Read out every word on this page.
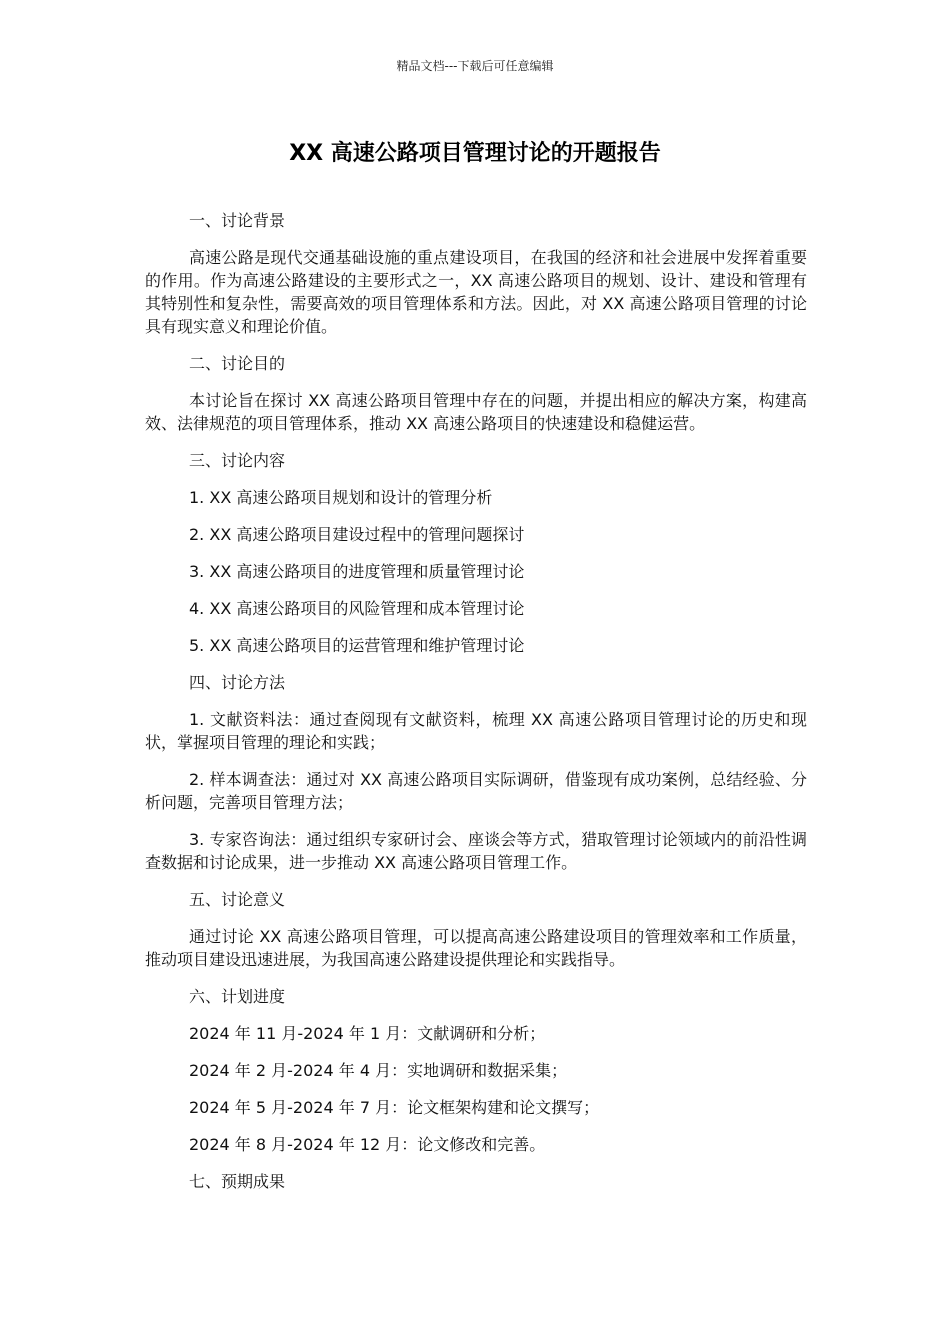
精品文档---下载后可任意编辑
XX 高速公路项目管理讨论的开题报告

一、讨论背景

高速公路是现代交通基础设施的重点建设项目，在我国的经济和社会进展中发挥着重要的作用。作为高速公路建设的主要形式之一，XX 高速公路项目的规划、设计、建设和管理有其特别性和复杂性，需要高效的项目管理体系和方法。因此，对 XX 高速公路项目管理的讨论具有现实意义和理论价值。

二、讨论目的

本讨论旨在探讨 XX 高速公路项目管理中存在的问题，并提出相应的解决方案，构建高效、法律规范的项目管理体系，推动 XX 高速公路项目的快速建设和稳健运营。

三、讨论内容

1. XX 高速公路项目规划和设计的管理分析

2. XX 高速公路项目建设过程中的管理问题探讨

3. XX 高速公路项目的进度管理和质量管理讨论

4. XX 高速公路项目的风险管理和成本管理讨论

5. XX 高速公路项目的运营管理和维护管理讨论

四、讨论方法

1. 文献资料法：通过查阅现有文献资料，梳理 XX 高速公路项目管理讨论的历史和现状，掌握项目管理的理论和实践；

2. 样本调查法：通过对 XX 高速公路项目实际调研，借鉴现有成功案例，总结经验、分析问题，完善项目管理方法；

3. 专家咨询法：通过组织专家研讨会、座谈会等方式，猎取管理讨论领域内的前沿性调查数据和讨论成果，进一步推动 XX 高速公路项目管理工作。

五、讨论意义

通过讨论 XX 高速公路项目管理，可以提高高速公路建设项目的管理效率和工作质量，推动项目建设迅速进展，为我国高速公路建设提供理论和实践指导。

六、计划进度

2024 年 11 月-2024 年 1 月：文献调研和分析；

2024 年 2 月-2024 年 4 月：实地调研和数据采集；

2024 年 5 月-2024 年 7 月：论文框架构建和论文撰写；

2024 年 8 月-2024 年 12 月：论文修改和完善。

七、预期成果
